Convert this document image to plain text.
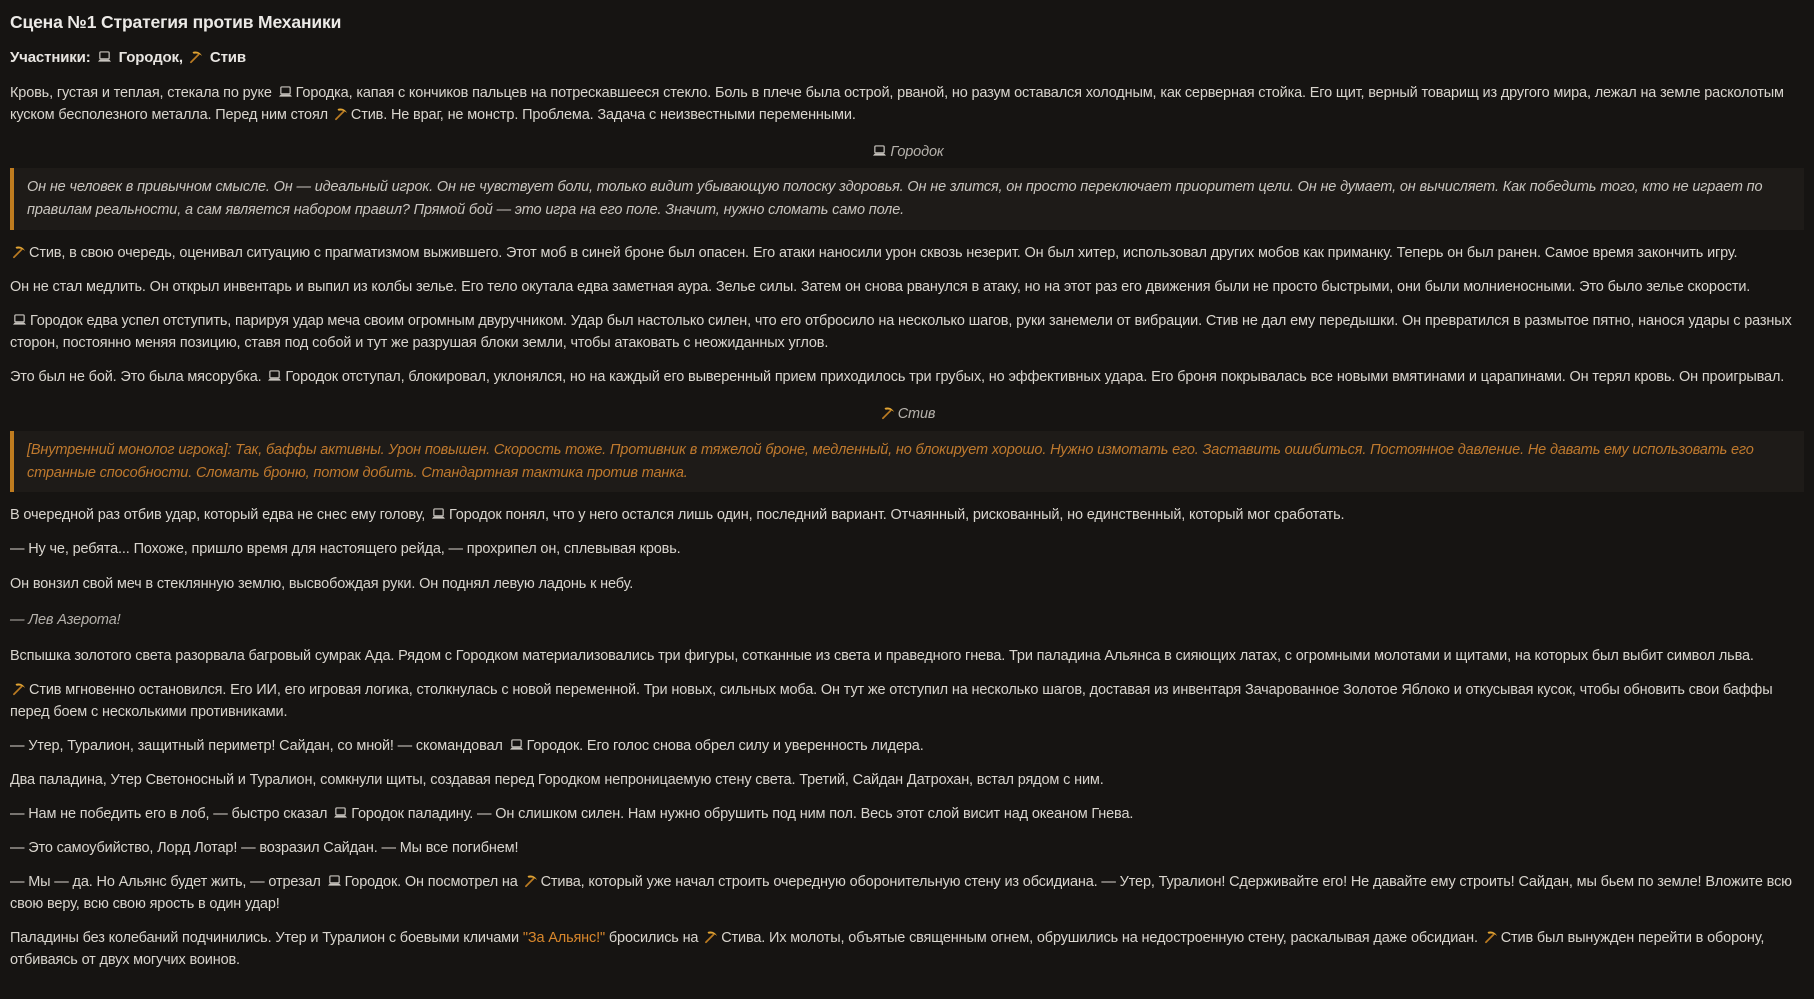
Сцена №1 Стратегия против Механики

Участники: Городок, Стив

Кровь, густая и теплая, стекала по руке Городка, капая с кончиков пальцев на потрескавшееся стекло. Боль в плече была острой, рваной, но разум оставался холодным, как серверная стойка. Его щит, верный товарищ из другого мира, лежал на земле расколотым куском бесполезного металла. Перед ним стоял Стив. Не враг, не монстр. Проблема. Задача с неизвестными переменными.

Городок

Он не человек в привычном смысле. Он — идеальный игрок. Он не чувствует боли, только видит убывающую полоску здоровья. Он не злится, он просто переключает приоритет цели. Он не думает, он вычисляет. Как победить того, кто не играет по правилам реальности, а сам является набором правил? Прямой бой — это игра на его поле. Значит, нужно сломать само поле.

Стив, в свою очередь, оценивал ситуацию с прагматизмом выжившего. Этот моб в синей броне был опасен. Его атаки наносили урон сквозь незерит. Он был хитер, использовал других мобов как приманку. Теперь он был ранен. Самое время закончить игру.

Он не стал медлить. Он открыл инвентарь и выпил из колбы зелье. Его тело окутала едва заметная аура. Зелье силы. Затем он снова рванулся в атаку, но на этот раз его движения были не просто быстрыми, они были молниеносными. Это было зелье скорости.

Городок едва успел отступить, парируя удар меча своим огромным двуручником. Удар был настолько силен, что его отбросило на несколько шагов, руки занемели от вибрации. Стив не дал ему передышки. Он превратился в размытое пятно, нанося удары с разных сторон, постоянно меняя позицию, ставя под собой и тут же разрушая блоки земли, чтобы атаковать с неожиданных углов.

Это был не бой. Это была мясорубка. Городок отступал, блокировал, уклонялся, но на каждый его выверенный прием приходилось три грубых, но эффективных удара. Его броня покрывалась все новыми вмятинами и царапинами. Он терял кровь. Он проигрывал.

Стив

[Внутренний монолог игрока]: Так, баффы активны. Урон повышен. Скорость тоже. Противник в тяжелой броне, медленный, но блокирует хорошо. Нужно измотать его. Заставить ошибиться. Постоянное давление. Не давать ему использовать его странные способности. Сломать броню, потом добить. Стандартная тактика против танка.

В очередной раз отбив удар, который едва не снес ему голову, Городок понял, что у него остался лишь один, последний вариант. Отчаянный, рискованный, но единственный, который мог сработать.

— Ну че, ребята... Похоже, пришло время для настоящего рейда, — прохрипел он, сплевывая кровь.

Он вонзил свой меч в стеклянную землю, высвобождая руки. Он поднял левую ладонь к небу.

— Лев Азерота!

Вспышка золотого света разорвала багровый сумрак Ада. Рядом с Городком материализовались три фигуры, сотканные из света и праведного гнева. Три паладина Альянса в сияющих латах, с огромными молотами и щитами, на которых был выбит символ льва.

Стив мгновенно остановился. Его ИИ, его игровая логика, столкнулась с новой переменной. Три новых, сильных моба. Он тут же отступил на несколько шагов, доставая из инвентаря Зачарованное Золотое Яблоко и откусывая кусок, чтобы обновить свои баффы перед боем с несколькими противниками.

— Утер, Туралион, защитный периметр! Сайдан, со мной! — скомандовал Городок. Его голос снова обрел силу и уверенность лидера.

Два паладина, Утер Светоносный и Туралион, сомкнули щиты, создавая перед Городком непроницаемую стену света. Третий, Сайдан Датрохан, встал рядом с ним.

— Нам не победить его в лоб, — быстро сказал Городок паладину. — Он слишком силен. Нам нужно обрушить под ним пол. Весь этот слой висит над океаном Гнева.

— Это самоубийство, Лорд Лотар! — возразил Сайдан. — Мы все погибнем!

— Мы — да. Но Альянс будет жить, — отрезал Городок. Он посмотрел на Стива, который уже начал строить очередную оборонительную стену из обсидиана. — Утер, Туралион! Сдерживайте его! Не давайте ему строить! Сайдан, мы бьем по земле! Вложите всю свою веру, всю свою ярость в один удар!

Паладины без колебаний подчинились. Утер и Туралион с боевыми кличами "За Альянс!" бросились на Стива. Их молоты, объятые священным огнем, обрушились на недостроенную стену, раскалывая даже обсидиан. Стив был вынужден перейти в оборону, отбиваясь от двух могучих воинов.
